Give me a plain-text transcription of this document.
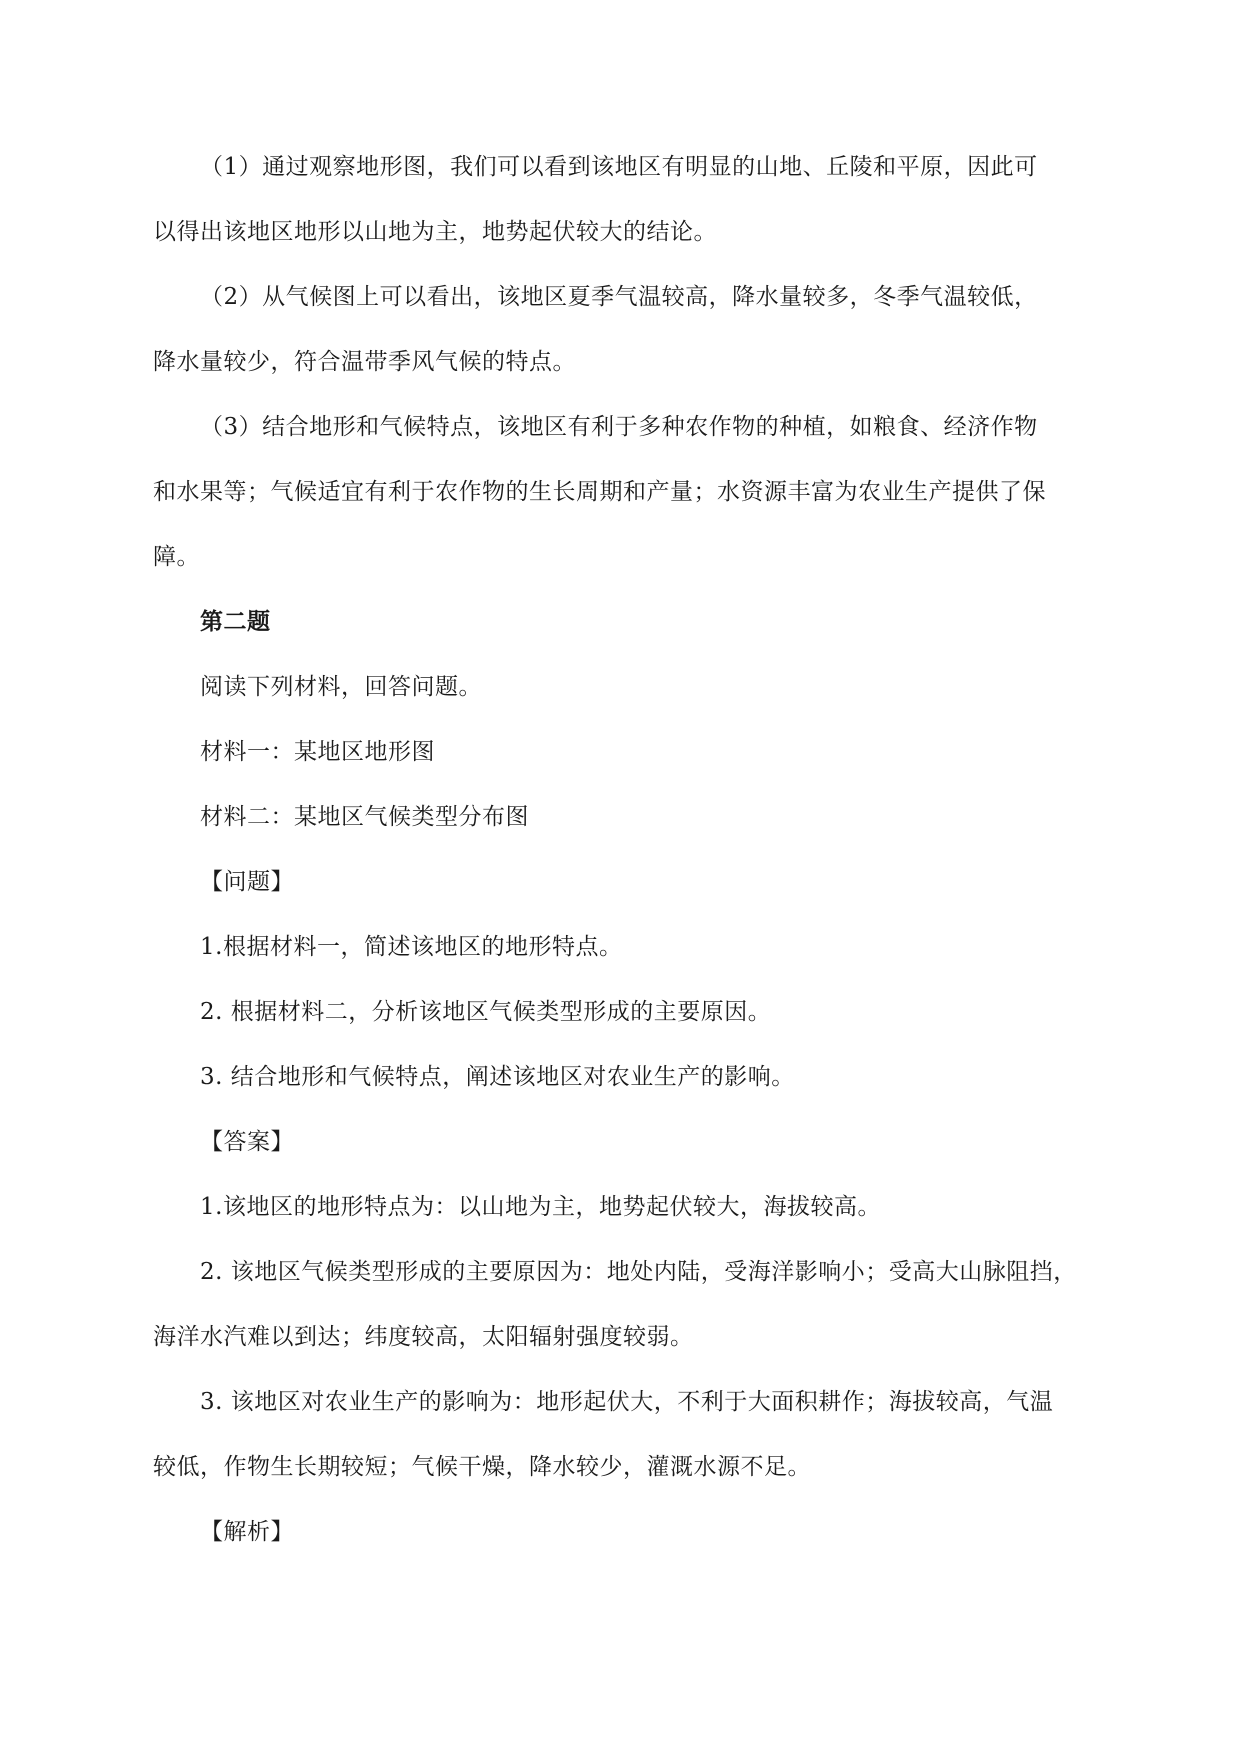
（1）通过观察地形图，我们可以看到该地区有明显的山地、丘陵和平原，因此可
以得出该地区地形以山地为主，地势起伏较大的结论。
（2）从气候图上可以看出，该地区夏季气温较高，降水量较多，冬季气温较低，
降水量较少，符合温带季风气候的特点。
（3）结合地形和气候特点，该地区有利于多种农作物的种植，如粮食、经济作物
和水果等；气候适宜有利于农作物的生长周期和产量；水资源丰富为农业生产提供了保
障。
第二题
阅读下列材料，回答问题。
材料一：某地区地形图
材料二：某地区气候类型分布图
【问题】
1.根据材料一，简述该地区的地形特点。
2. 根据材料二，分析该地区气候类型形成的主要原因。
3. 结合地形和气候特点，阐述该地区对农业生产的影响。
【答案】
1.该地区的地形特点为：以山地为主，地势起伏较大，海拔较高。
2. 该地区气候类型形成的主要原因为：地处内陆，受海洋影响小；受高大山脉阻挡，
海洋水汽难以到达；纬度较高，太阳辐射强度较弱。
3. 该地区对农业生产的影响为：地形起伏大，不利于大面积耕作；海拔较高，气温
较低，作物生长期较短；气候干燥，降水较少，灌溉水源不足。
【解析】
